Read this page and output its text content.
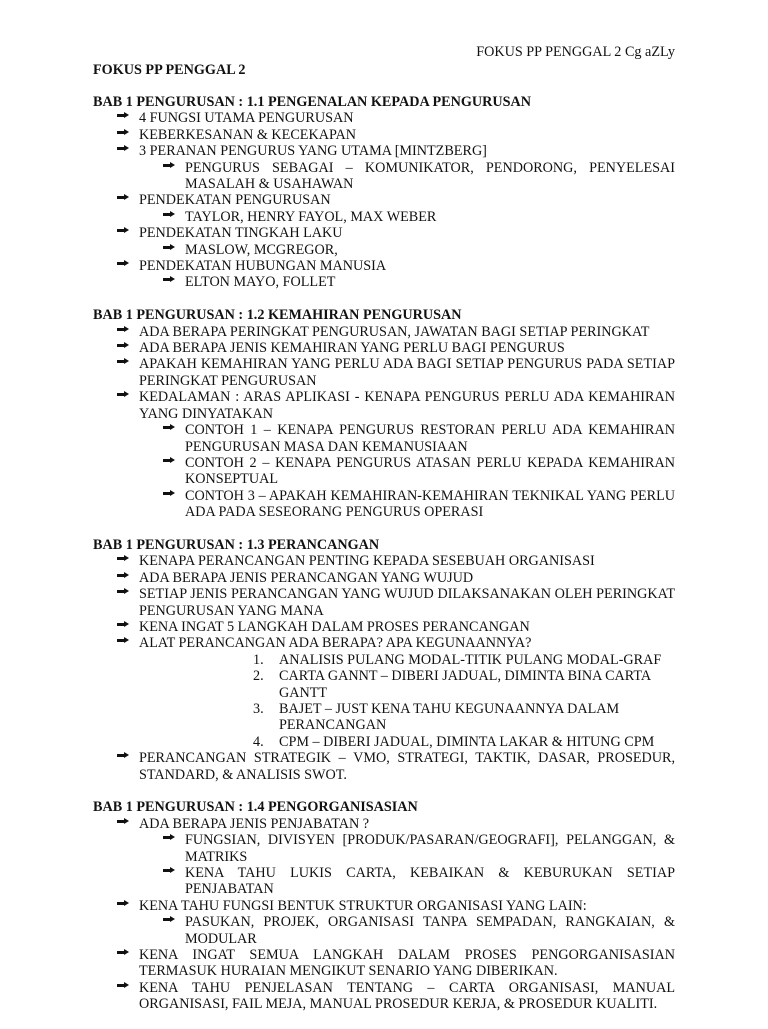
FOKUS PP PENGGAL 2 Cg aZLy
FOKUS PP PENGGAL 2
BAB 1 PENGURUSAN : 1.1 PENGENALAN KEPADA PENGURUSAN
4 FUNGSI UTAMA PENGURUSAN
KEBERKESANAN & KECEKAPAN
3 PERANAN PENGURUS YANG UTAMA [MINTZBERG]
PENGURUS SEBAGAI – KOMUNIKATOR, PENDORONG, PENYELESAI MASALAH & USAHAWAN
PENDEKATAN PENGURUSAN
TAYLOR, HENRY FAYOL, MAX WEBER
PENDEKATAN TINGKAH LAKU
MASLOW, MCGREGOR,
PENDEKATAN HUBUNGAN MANUSIA
ELTON MAYO, FOLLET
BAB 1 PENGURUSAN : 1.2 KEMAHIRAN PENGURUSAN
ADA BERAPA PERINGKAT PENGURUSAN, JAWATAN BAGI SETIAP PERINGKAT
ADA BERAPA JENIS KEMAHIRAN YANG PERLU BAGI PENGURUS
APAKAH KEMAHIRAN YANG PERLU ADA BAGI SETIAP PENGURUS PADA SETIAP PERINGKAT PENGURUSAN
KEDALAMAN : ARAS APLIKASI - KENAPA PENGURUS PERLU ADA KEMAHIRAN YANG DINYATAKAN
CONTOH 1 – KENAPA PENGURUS RESTORAN PERLU ADA KEMAHIRAN PENGURUSAN MASA DAN KEMANUSIAAN
CONTOH 2 – KENAPA PENGURUS ATASAN PERLU KEPADA KEMAHIRAN KONSEPTUAL
CONTOH 3 – APAKAH KEMAHIRAN-KEMAHIRAN TEKNIKAL YANG PERLU ADA PADA SESEORANG PENGURUS OPERASI
BAB 1 PENGURUSAN : 1.3 PERANCANGAN
KENAPA PERANCANGAN PENTING KEPADA SESEBUAH ORGANISASI
ADA BERAPA JENIS PERANCANGAN YANG WUJUD
SETIAP JENIS PERANCANGAN YANG WUJUD DILAKSANAKAN OLEH PERINGKAT PENGURUSAN YANG MANA
KENA INGAT 5 LANGKAH DALAM PROSES PERANCANGAN
ALAT PERANCANGAN ADA BERAPA? APA KEGUNAANNYA?
1. ANALISIS PULANG MODAL-TITIK PULANG MODAL-GRAF
2. CARTA GANNT – DIBERI JADUAL, DIMINTA BINA CARTA GANTT
3. BAJET – JUST KENA TAHU KEGUNAANNYA DALAM PERANCANGAN
4. CPM – DIBERI JADUAL, DIMINTA LAKAR & HITUNG CPM
PERANCANGAN STRATEGIK – VMO, STRATEGI, TAKTIK, DASAR, PROSEDUR, STANDARD, & ANALISIS SWOT.
BAB 1 PENGURUSAN : 1.4 PENGORGANISASIAN
ADA BERAPA JENIS PENJABATAN ?
FUNGSIAN, DIVISYEN [PRODUK/PASARAN/GEOGRAFI], PELANGGAN, & MATRIKS
KENA TAHU LUKIS CARTA, KEBAIKAN & KEBURUKAN SETIAP PENJABATAN
KENA TAHU FUNGSI BENTUK STRUKTUR ORGANISASI YANG LAIN:
PASUKAN, PROJEK, ORGANISASI TANPA SEMPADAN, RANGKAIAN, & MODULAR
KENA INGAT SEMUA LANGKAH DALAM PROSES PENGORGANISASIAN TERMASUK HURAIAN MENGIKUT SENARIO YANG DIBERIKAN.
KENA TAHU PENJELASAN TENTANG – CARTA ORGANISASI, MANUAL ORGANISASI, FAIL MEJA, MANUAL PROSEDUR KERJA, & PROSEDUR KUALITI.
